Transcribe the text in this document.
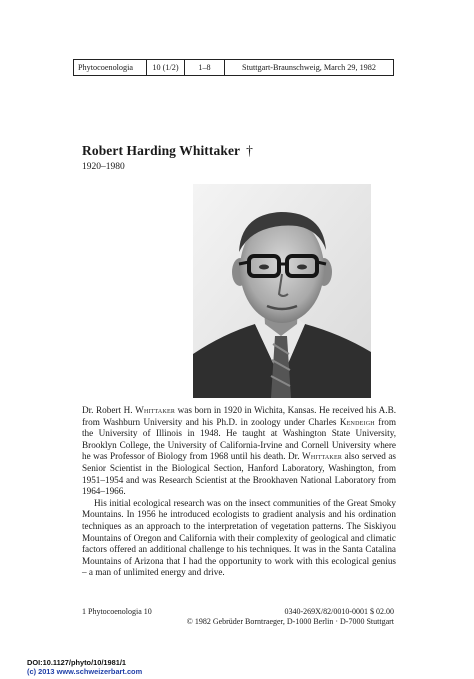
Phytocoenologia	10 (1/2)	1–8	Stuttgart-Braunschweig, March 29, 1982
Robert Harding Whittaker †
1920–1980

Dr. Robert H. Whittaker was born in 1920 in Wichita, Kansas. He received his A.B. from Washburn University and his Ph.D. in zoology under Charles Kendeigh from the University of Illinois in 1948. He taught at Washington State University, Brooklyn College, the University of California-Irvine and Cornell University where he was Professor of Biology from 1968 until his death. Dr. Whittaker also served as Senior Scientist in the Biological Section, Hanford Laboratory, Washington, from 1951–1954 and was Research Scientist at the Brookhaven National Laboratory from 1964–1966.

His initial ecological research was on the insect communities of the Great Smoky Mountains. In 1956 he introduced ecologists to gradient analysis and his ordination techniques as an approach to the interpretation of vegetation patterns. The Siskiyou Mountains of Oregon and California with their complexity of geological and climatic factors offered an additional challenge to his techniques. It was in the Santa Catalina Mountains of Arizona that I had the opportunity to work with this ecological genius – a man of unlimited energy and drive.

1 Phytocoenologia 10	0340-269X/82/0010-0001 $ 02.00
© 1982 Gebrüder Borntraeger, D-1000 Berlin · D-7000 Stuttgart
DOI:10.1127/phyto/10/1981/1
(c) 2013 www.schweizerbart.com
